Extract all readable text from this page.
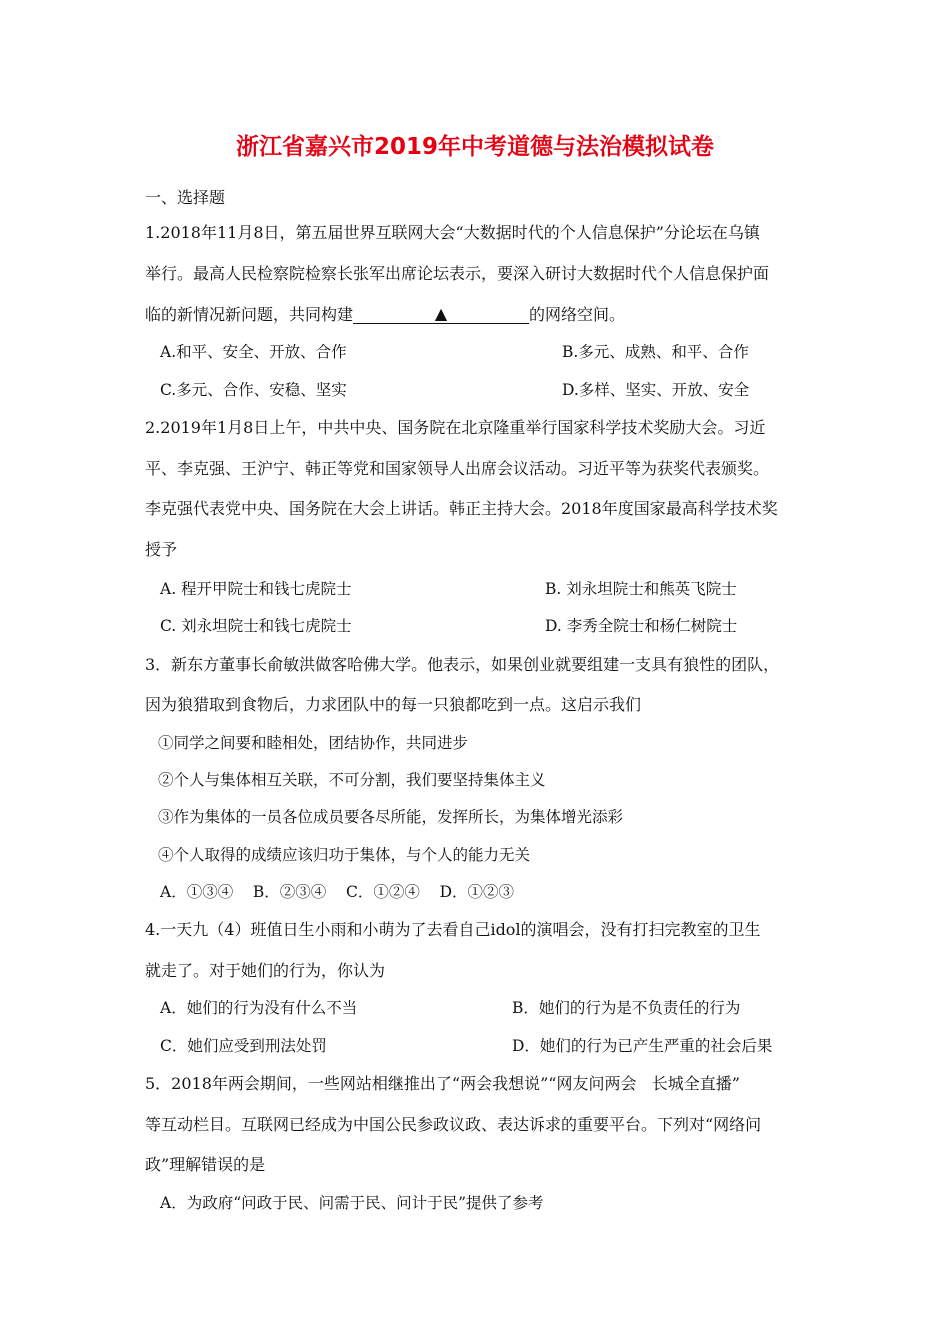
浙江省嘉兴市2019年中考道德与法治模拟试卷
一、选择题
1.2018年11月8日，第五届世界互联网大会“大数据时代的个人信息保护”分论坛在乌镇
举行。最高人民检察院检察长张军出席论坛表示，要深入研讨大数据时代个人信息保护面
临的新情况新问题，共同构建	▲	的网络空间。
A.和平、安全、开放、合作	B.多元、成熟、和平、合作
C.多元、合作、安稳、坚实	D.多样、坚实、开放、安全
2.2019年1月8日上午，中共中央、国务院在北京隆重举行国家科学技术奖励大会。习近
平、李克强、王沪宁、韩正等党和国家领导人出席会议活动。习近平等为获奖代表颁奖。
李克强代表党中央、国务院在大会上讲话。韩正主持大会。2018年度国家最高科学技术奖
授予
A. 程开甲院士和钱七虎院士	B. 刘永坦院士和熊英飞院士
C. 刘永坦院士和钱七虎院士	D. 李秀全院士和杨仁树院士
3．新东方董事长俞敏洪做客哈佛大学。他表示，如果创业就要组建一支具有狼性的团队，
因为狼猎取到食物后，力求团队中的每一只狼都吃到一点。这启示我们
①同学之间要和睦相处，团结协作，共同进步
②个人与集体相互关联，不可分割，我们要坚持集体主义
③作为集体的一员各位成员要各尽所能，发挥所长，为集体增光添彩
④个人取得的成绩应该归功于集体，与个人的能力无关
A．①③④    B．②③④    C．①②④    D．①②③
4.一天九（4）班值日生小雨和小萌为了去看自己idol的演唱会，没有打扫完教室的卫生
就走了。对于她们的行为，你认为
A．她们的行为没有什么不当	B．她们的行为是不负责任的行为
C．她们应受到刑法处罚	D．她们的行为已产生严重的社会后果
5．2018年两会期间，一些网站相继推出了“两会我想说”“网友问两会   长城全直播”
等互动栏目。互联网已经成为中国公民参政议政、表达诉求的重要平台。下列对“网络问
政”理解错误的是
A．为政府“问政于民、问需于民、问计于民”提供了参考
